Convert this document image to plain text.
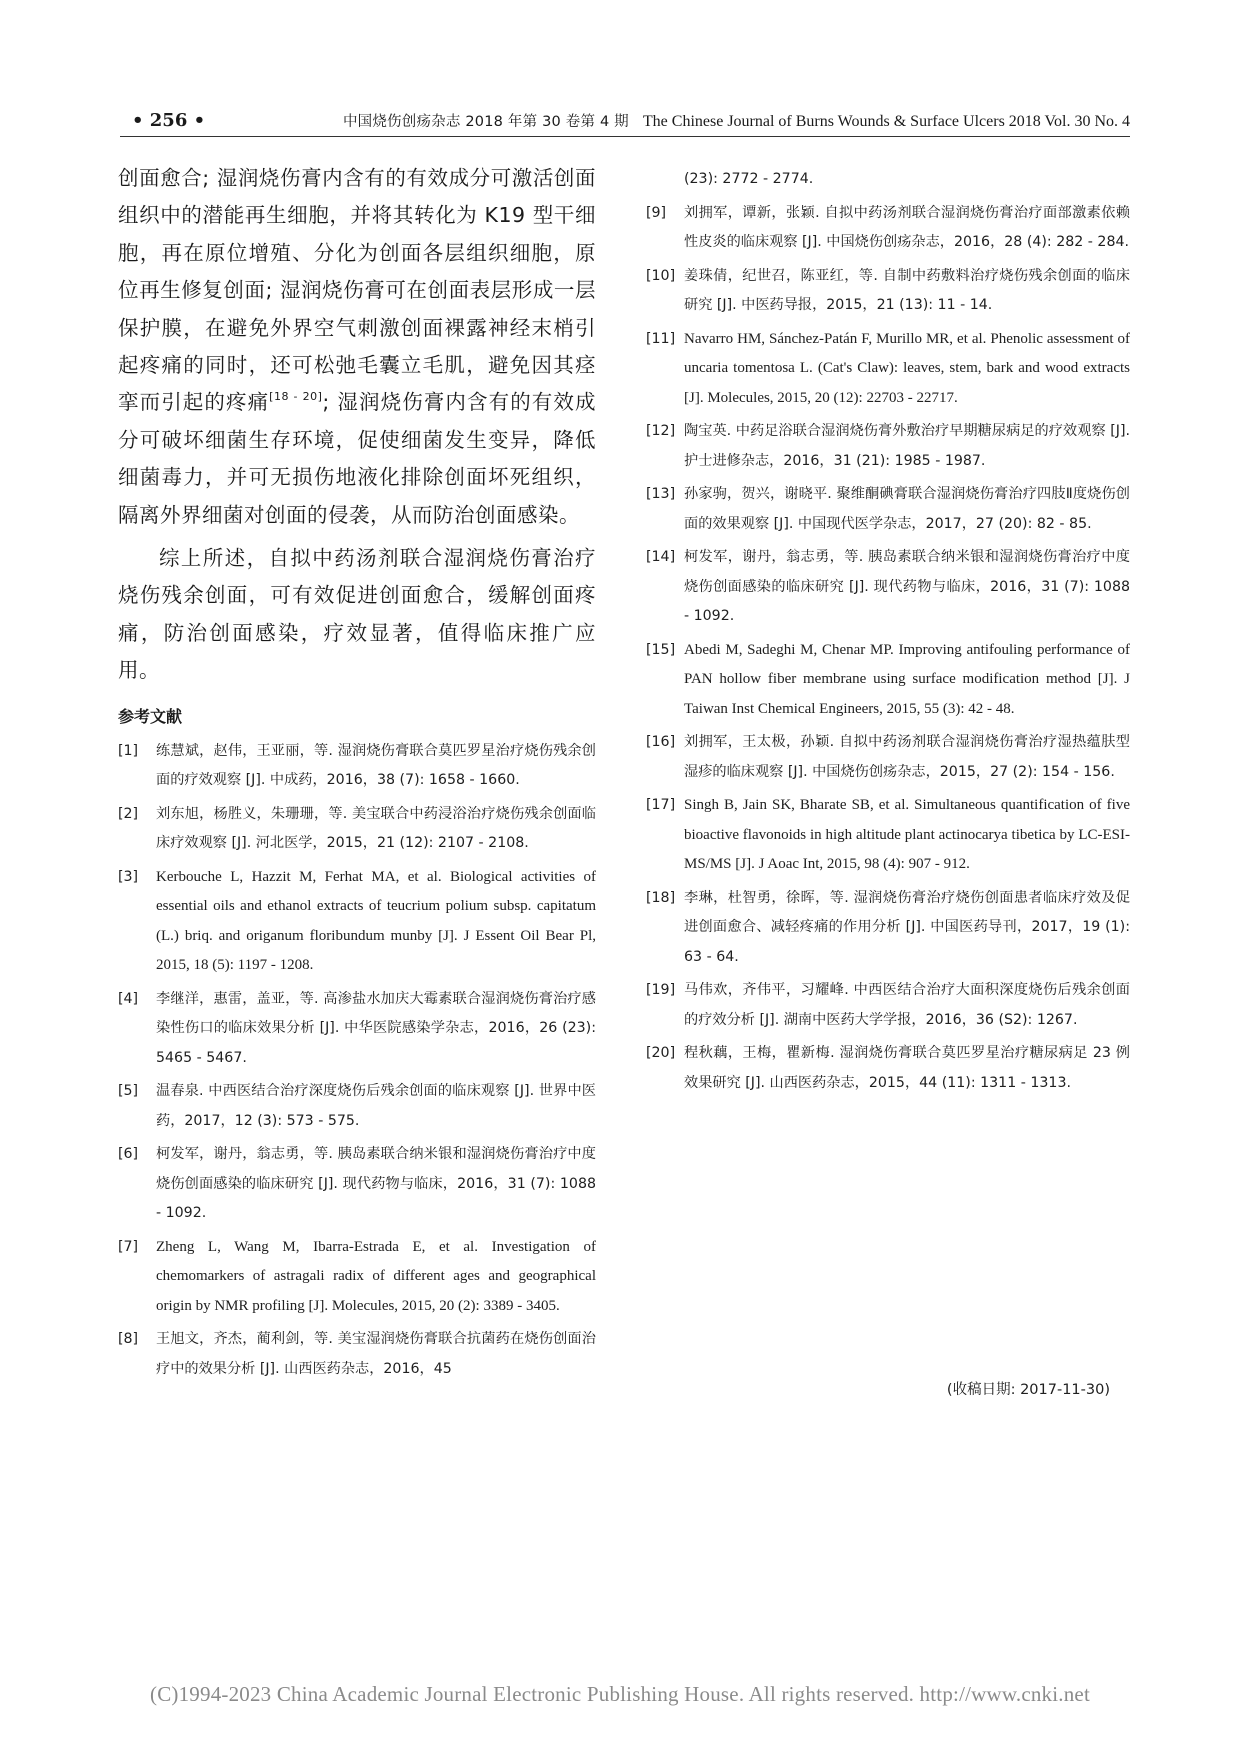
• 256 •	中国烧伤创疡杂志 2018 年第 30 卷第 4 期 The Chinese Journal of Burns Wounds & Surface Ulcers 2018 Vol. 30 No. 4

创面愈合; 湿润烧伤膏内含有的有效成分可激活创面组织中的潜能再生细胞，并将其转化为 K19 型干细胞，再在原位增殖、分化为创面各层组织细胞，原位再生修复创面; 湿润烧伤膏可在创面表层形成一层保护膜，在避免外界空气刺激创面裸露神经末梢引起疼痛的同时，还可松弛毛囊立毛肌，避免因其痉挛而引起的疼痛[18 - 20]; 湿润烧伤膏内含有的有效成分可破坏细菌生存环境，促使细菌发生变异，降低细菌毒力，并可无损伤地液化排除创面坏死组织，隔离外界细菌对创面的侵袭，从而防治创面感染。

综上所述，自拟中药汤剂联合湿润烧伤膏治疗烧伤残余创面，可有效促进创面愈合，缓解创面疼痛，防治创面感染，疗效显著，值得临床推广应用。

参考文献
[1] 练慧斌，赵伟，王亚丽，等. 湿润烧伤膏联合莫匹罗星治疗烧伤残余创面的疗效观察 [J]. 中成药，2016，38 (7): 1658 - 1660.
[2] 刘东旭，杨胜义，朱珊珊，等. 美宝联合中药浸浴治疗烧伤残余创面临床疗效观察 [J]. 河北医学，2015，21 (12): 2107 - 2108.
[3] Kerbouche L, Hazzit M, Ferhat MA, et al. Biological activities of essential oils and ethanol extracts of teucrium polium subsp. capitatum (L.) briq. and origanum floribundum munby [J]. J Essent Oil Bear Pl, 2015, 18 (5): 1197 - 1208.
[4] 李继洋，惠雷，盖亚，等. 高渗盐水加庆大霉素联合湿润烧伤膏治疗感染性伤口的临床效果分析 [J]. 中华医院感染学杂志，2016，26 (23): 5465 - 5467.
[5] 温春泉. 中西医结合治疗深度烧伤后残余创面的临床观察 [J]. 世界中医药，2017，12 (3): 573 - 575.
[6] 柯发军，谢丹，翁志勇，等. 胰岛素联合纳米银和湿润烧伤膏治疗中度烧伤创面感染的临床研究 [J]. 现代药物与临床，2016，31 (7): 1088 - 1092.
[7] Zheng L, Wang M, Ibarra-Estrada E, et al. Investigation of chemomarkers of astragali radix of different ages and geographical origin by NMR profiling [J]. Molecules, 2015, 20 (2): 3389 - 3405.
[8] 王旭文，齐杰，蔺利剑，等. 美宝湿润烧伤膏联合抗菌药在烧伤创面治疗中的效果分析 [J]. 山西医药杂志，2016，45
(23): 2772 - 2774.
[9] 刘拥军，谭新，张颖. 自拟中药汤剂联合湿润烧伤膏治疗面部激素依赖性皮炎的临床观察 [J]. 中国烧伤创疡杂志，2016，28 (4): 282 - 284.
[10] 姜珠倩，纪世召，陈亚红，等. 自制中药敷料治疗烧伤残余创面的临床研究 [J]. 中医药导报，2015，21 (13): 11 - 14.
[11] Navarro HM, Sánchez-Patán F, Murillo MR, et al. Phenolic assessment of uncaria tomentosa L. (Cat's Claw): leaves, stem, bark and wood extracts [J]. Molecules, 2015, 20 (12): 22703 - 22717.
[12] 陶宝英. 中药足浴联合湿润烧伤膏外敷治疗早期糖尿病足的疗效观察 [J]. 护士进修杂志，2016，31 (21): 1985 - 1987.
[13] 孙家驹，贺兴，谢晓平. 聚维酮碘膏联合湿润烧伤膏治疗四肢Ⅱ度烧伤创面的效果观察 [J]. 中国现代医学杂志，2017，27 (20): 82 - 85.
[14] 柯发军，谢丹，翁志勇，等. 胰岛素联合纳米银和湿润烧伤膏治疗中度烧伤创面感染的临床研究 [J]. 现代药物与临床，2016，31 (7): 1088 - 1092.
[15] Abedi M, Sadeghi M, Chenar MP. Improving antifouling performance of PAN hollow fiber membrane using surface modification method [J]. J Taiwan Inst Chemical Engineers, 2015, 55 (3): 42 - 48.
[16] 刘拥军，王太极，孙颖. 自拟中药汤剂联合湿润烧伤膏治疗湿热蕴肤型湿疹的临床观察 [J]. 中国烧伤创疡杂志，2015，27 (2): 154 - 156.
[17] Singh B, Jain SK, Bharate SB, et al. Simultaneous quantification of five bioactive flavonoids in high altitude plant actinocarya tibetica by LC-ESI-MS/MS [J]. J Aoac Int, 2015, 98 (4): 907 - 912.
[18] 李琳，杜智勇，徐晖，等. 湿润烧伤膏治疗烧伤创面患者临床疗效及促进创面愈合、减轻疼痛的作用分析 [J]. 中国医药导刊，2017，19 (1): 63 - 64.
[19] 马伟欢，齐伟平，习耀峰. 中西医结合治疗大面积深度烧伤后残余创面的疗效分析 [J]. 湖南中医药大学学报，2016，36 (S2): 1267.
[20] 程秋藕，王梅，瞿新梅. 湿润烧伤膏联合莫匹罗星治疗糖尿病足 23 例效果研究 [J]. 山西医药杂志，2015，44 (11): 1311 - 1313.
(收稿日期: 2017-11-30)
(C)1994-2023 China Academic Journal Electronic Publishing House. All rights reserved. http://www.cnki.net
